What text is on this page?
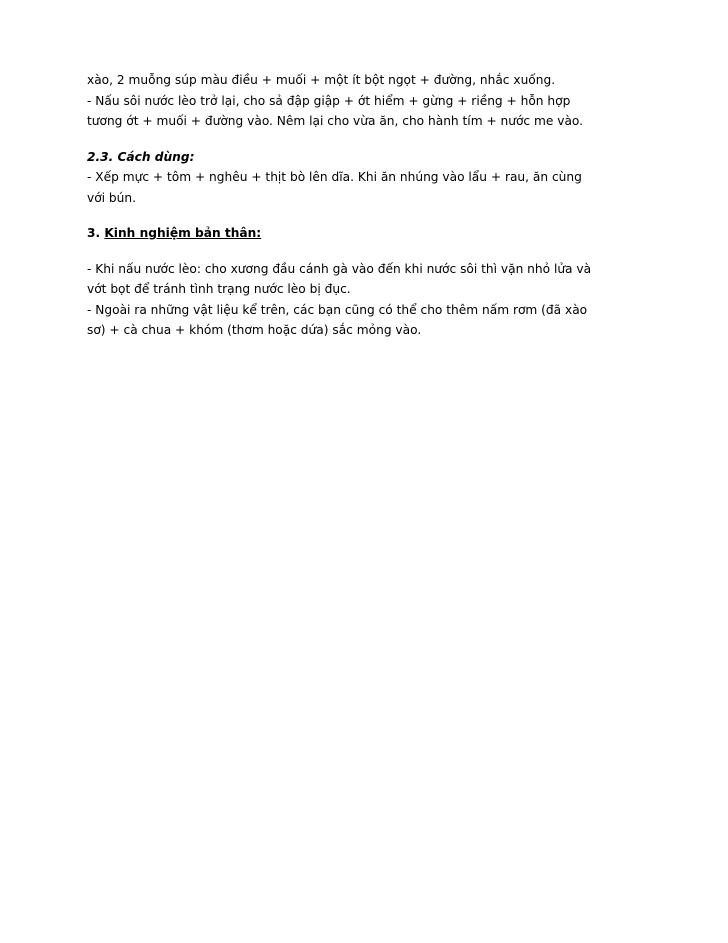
xào, 2 muỗng súp màu điều + muối + một ít bột ngọt + đường, nhắc xuống.
- Nấu sôi nước lèo trở lại, cho sả đập giập + ớt hiểm + gừng + riềng + hỗn hợp
tương ớt + muối + đường vào. Nêm lại cho vừa ăn, cho hành tím + nước me vào.
2.3. Cách dùng:
- Xếp mực + tôm + nghêu + thịt bò lên dĩa. Khi ăn nhúng vào lẩu + rau, ăn cùng
với bún.
3. Kinh nghiệm bản thân:
- Khi nấu nước lèo: cho xương đầu cánh gà vào đến khi nước sôi thì vặn nhỏ lửa và
vớt bọt để tránh tình trạng nước lèo bị đục.
- Ngoài ra những vật liệu kể trên, các bạn cũng có thể cho thêm nấm rơm (đã xào
sơ) + cà chua + khóm (thơm hoặc dứa) sắc mỏng vào.
